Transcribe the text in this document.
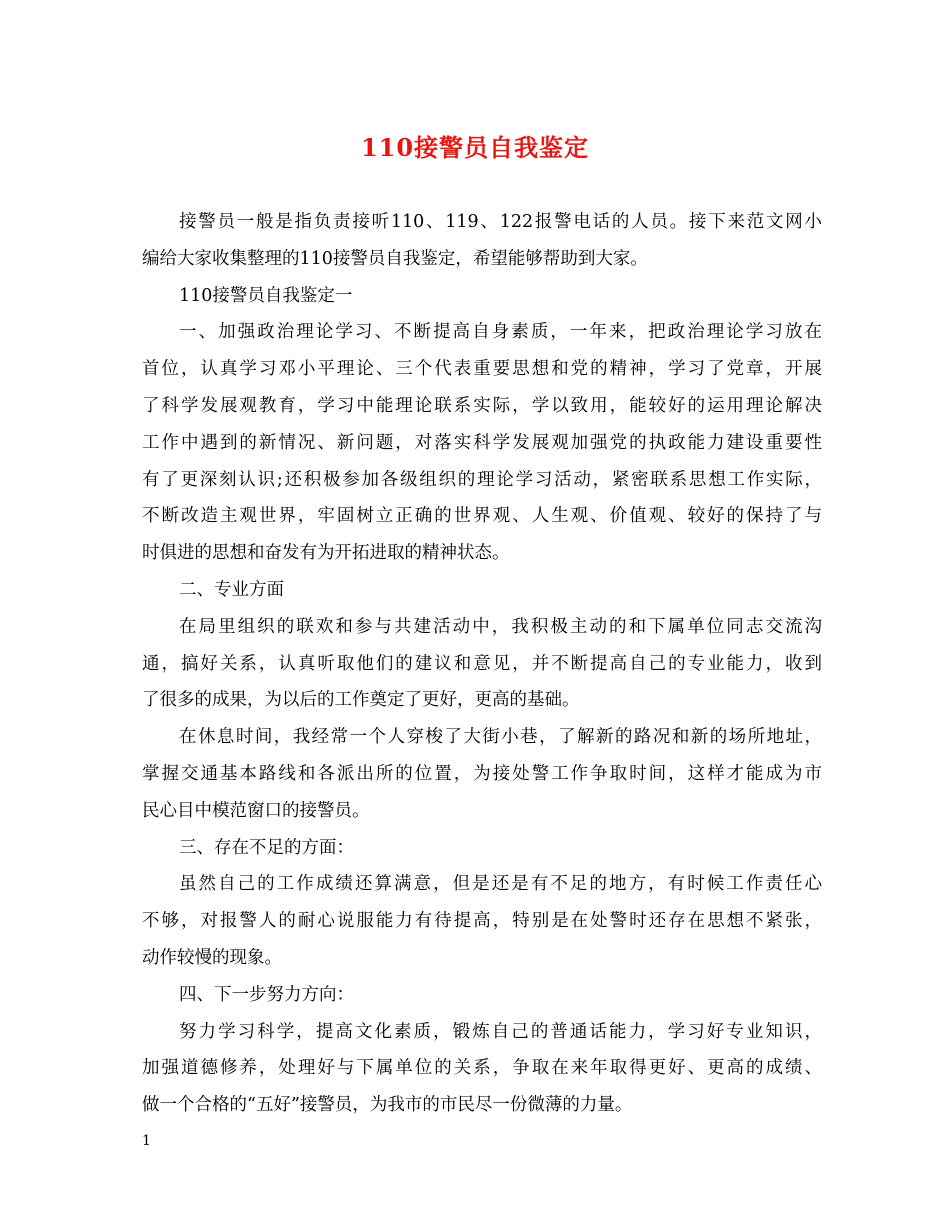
110接警员自我鉴定
接警员一般是指负责接听110、119、122报警电话的人员。接下来范文网小
编给大家收集整理的110接警员自我鉴定，希望能够帮助到大家。
110接警员自我鉴定一
一、加强政治理论学习、不断提高自身素质，一年来，把政治理论学习放在
首位，认真学习邓小平理论、三个代表重要思想和党的精神，学习了党章，开展
了科学发展观教育，学习中能理论联系实际，学以致用，能较好的运用理论解决
工作中遇到的新情况、新问题，对落实科学发展观加强党的执政能力建设重要性
有了更深刻认识;还积极参加各级组织的理论学习活动，紧密联系思想工作实际，
不断改造主观世界，牢固树立正确的世界观、人生观、价值观、较好的保持了与
时俱进的思想和奋发有为开拓进取的精神状态。
二、专业方面
在局里组织的联欢和参与共建活动中，我积极主动的和下属单位同志交流沟
通，搞好关系，认真听取他们的建议和意见，并不断提高自己的专业能力，收到
了很多的成果，为以后的工作奠定了更好，更高的基础。
在休息时间，我经常一个人穿梭了大街小巷，了解新的路况和新的场所地址，
掌握交通基本路线和各派出所的位置，为接处警工作争取时间，这样才能成为市
民心目中模范窗口的接警员。
三、存在不足的方面：
虽然自己的工作成绩还算满意，但是还是有不足的地方，有时候工作责任心
不够，对报警人的耐心说服能力有待提高，特别是在处警时还存在思想不紧张，
动作较慢的现象。
四、下一步努力方向：
努力学习科学，提高文化素质，锻炼自己的普通话能力，学习好专业知识，
加强道德修养，处理好与下属单位的关系，争取在来年取得更好、更高的成绩、
做一个合格的“五好”接警员，为我市的市民尽一份微薄的力量。
1
